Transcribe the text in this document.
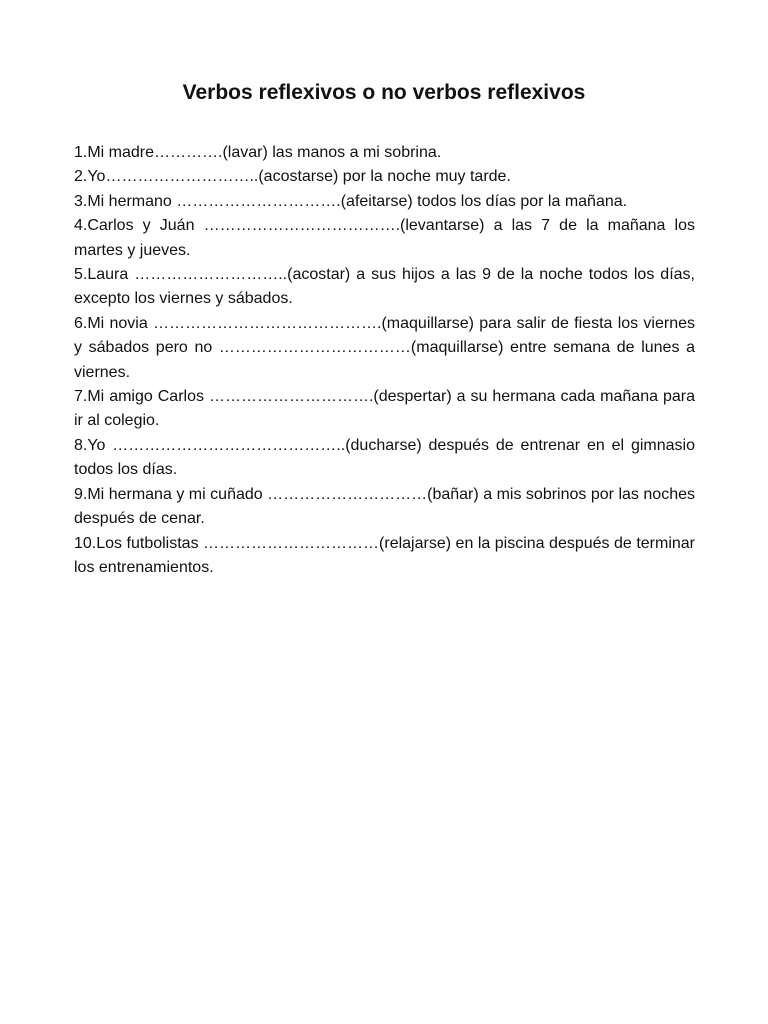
Verbos reflexivos o no verbos reflexivos
1.Mi madre………….(lavar) las manos a mi sobrina.
2.Yo………………………..(acostarse) por la noche muy tarde.
3.Mi hermano ………………………….(afeitarse) todos los días por la mañana.
4.Carlos y Juán ……………………………….(levantarse) a las 7 de la mañana los martes y jueves.
5.Laura ………………………..(acostar) a sus hijos a las 9 de la noche todos los días, excepto los viernes y sábados.
6.Mi novia …………………………………….(maquillarse) para salir de fiesta los viernes y sábados pero no ………………………………(maquillarse) entre semana de lunes a viernes.
7.Mi amigo Carlos ………………………….(despertar) a su hermana cada mañana para ir al colegio.
8.Yo ……………………………………..(ducharse) después de entrenar en el gimnasio todos los días.
9.Mi hermana y mi cuñado …………………………(bañar) a mis sobrinos por las noches después de cenar.
10.Los futbolistas ……………………………(relajarse) en la piscina después de terminar los entrenamientos.
